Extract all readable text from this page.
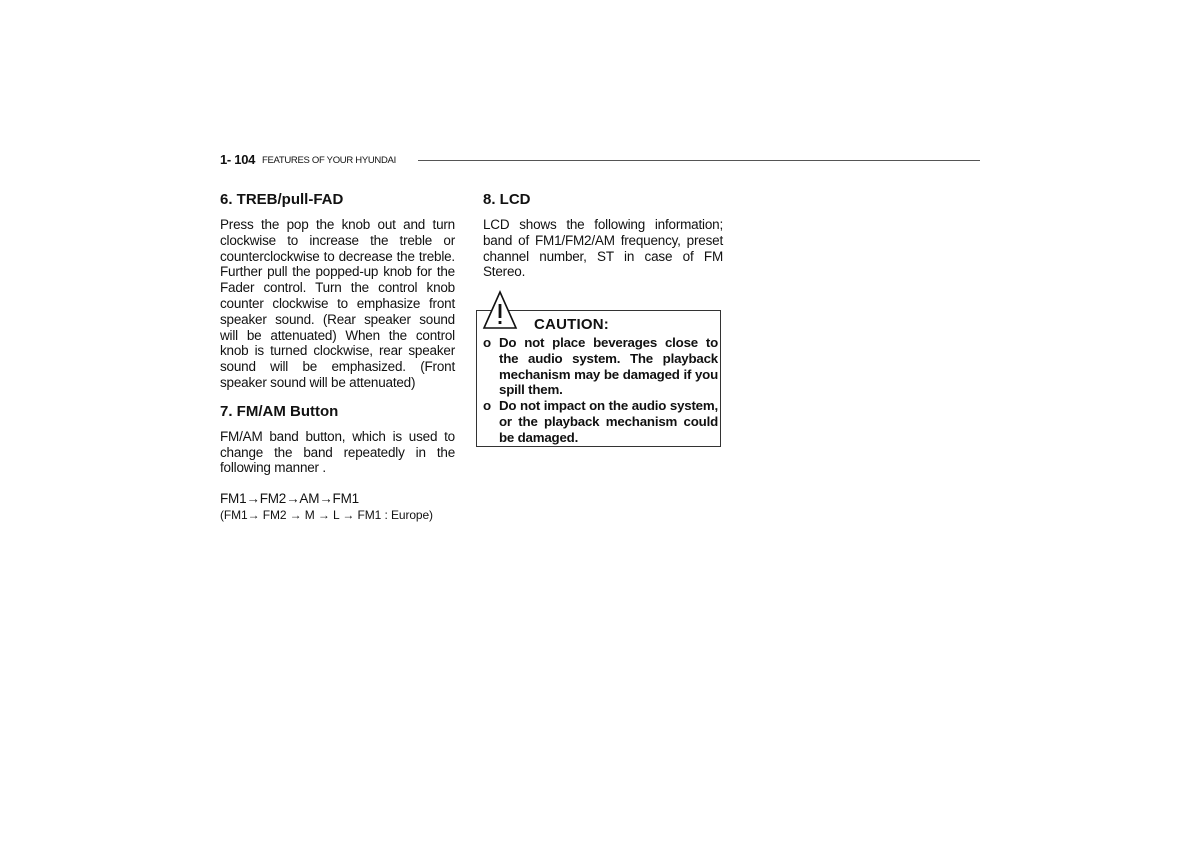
1- 104 FEATURES OF YOUR HYUNDAI
6. TREB/pull-FAD

Press the pop the knob out and turn clockwise to increase the treble or counterclockwise to decrease the treble. Further pull the popped-up knob for the Fader control. Turn the control knob counter clockwise to emphasize front speaker sound. (Rear speaker sound will be attenuated) When the control knob is turned clockwise, rear speaker sound will be emphasized. (Front speaker sound will be attenuated)

7. FM/AM Button

FM/AM band button, which is used to change the band repeatedly in the following manner .

FM1→FM2→AM→FM1
(FM1→ FM2 → M → L → FM1 : Europe)
8. LCD

LCD shows the following information; band of FM1/FM2/AM frequency, preset channel number, ST in case of FM Stereo.

CAUTION:
o Do not place beverages close to the audio system. The playback mechanism may be damaged if you spill them.
o Do not impact on the audio system, or the playback mechanism could be damaged.
